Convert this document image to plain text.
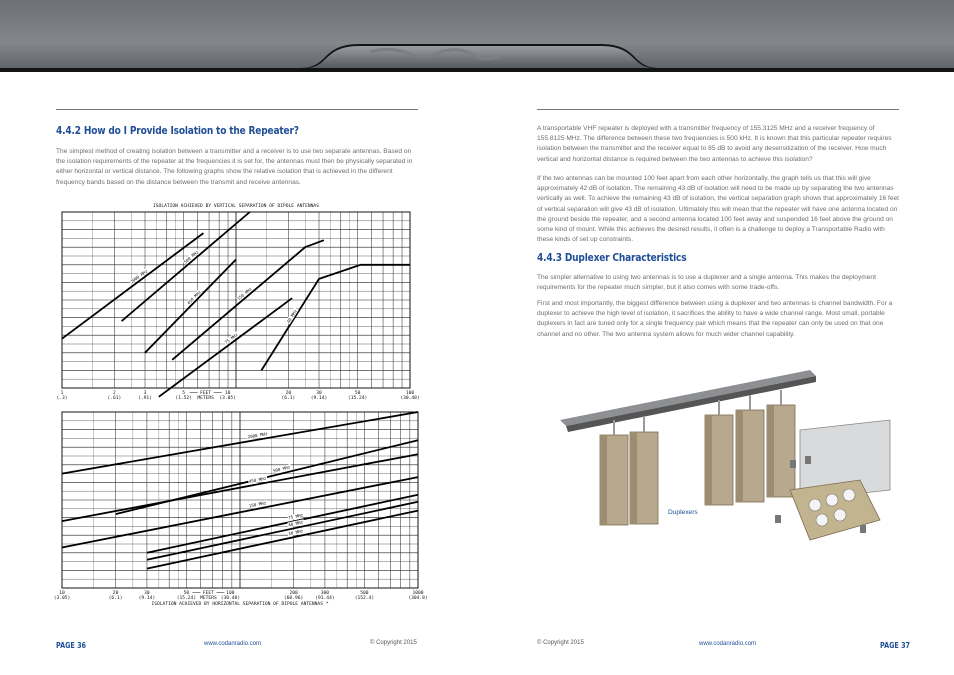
4.4.2 How do I Provide Isolation to the Repeater?

The simplest method of creating isolation between a transmitter and a receiver is to use two separate antennas. Based on the isolation requirements of the repeater at the frequencies it is set for, the antennas must then be physically separated in either horizontal or vertical distance. The following graphs show the relative isolation that is achieved in the different frequency bands based on the distance between the transmit and receive antennas.

ISOLATION ACHIEVED BY VERTICAL SEPARATION OF DIPOLE ANTENNAS
2000 MHz
500 MHz
450 MHz	150 MHz
75 MHz
40 MHz
1
(.3)
2
(.61)
3
(.91)
5
(1.52)
20
(6.1)
30
(9.14)
50
(15.24)
100
(30.48)
FEET	10
METERS (3.05)
2000 MHz
500 MHz
450 MHz
150 MHz
75 MHz
40 MHz
30 MHz
10
(3.05)
20
(6.1)
30
(9.14)
50
(15.24)
200
(60.96)
300
(91.44)
500
(152.4)
1000
(304.8)
FEET	100
METERS (30.48)
ISOLATION ACHIEVED BY HORIZONTAL SEPARATION OF DIPOLE ANTENNAS *

A transportable VHF repeater is deployed with a transmitter frequency of 155.3125 MHz and a receiver frequency of 155.8125 MHz. The difference between these two frequencies is 500 kHz. It is known that this particular repeater requires isolation between the transmitter and the receiver equal to 85 dB to avoid any desensitization of the receiver. How much vertical and horizontal distance is required between the two antennas to achieve this isolation?

If the two antennas can be mounted 100 feet apart from each other horizontally, the graph tells us that this will give approximately 42 dB of isolation. The remaining 43 dB of isolation will need to be made up by separating the two antennas vertically as well. To achieve the remaining 43 dB of isolation, the vertical separation graph shows that approximately 16 feet of vertical separation will give 43 dB of isolation. Ultimately this will mean that the repeater will have one antenna located on the ground beside the repeater, and a second antenna located 100 feet away and suspended 16 feet above the ground on some kind of mount. While this achieves the desired results, it often is a challenge to deploy a Transportable Radio with these kinds of set up constraints.

4.4.3 Duplexer Characteristics

The simpler alternative to using two antennas is to use a duplexer and a single antenna. This makes the deployment requirements for the repeater much simpler, but it also comes with some trade-offs.

First and most importantly, the biggest difference between using a duplexer and two antennas is channel bandwidth. For a duplexer to achieve the high level of isolation, it sacrifices the ability to have a wide channel range. Most small, portable duplexers in fact are tuned only for a single frequency pair which means that the repeater can only be used on that one channel and no other. The two antenna system allows for much wider channel capability.

Duplexers
PAGE 36	www.codanradio.com	© Copyright 2015	© Copyright 2015	www.codanradio.com	PAGE 37
